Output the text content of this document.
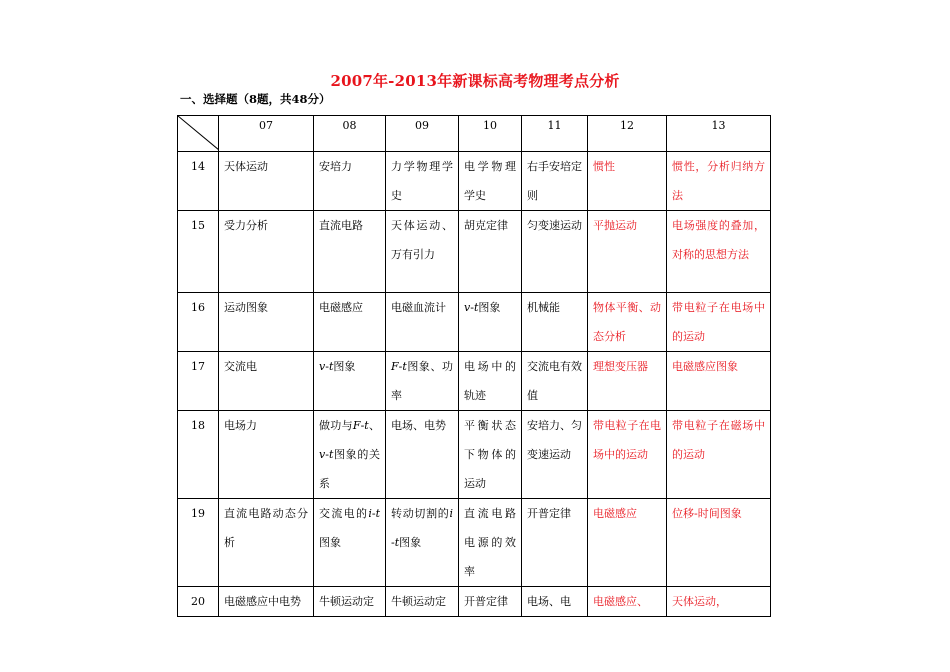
2007年-2013年新课标高考物理考点分析
一、选择题（8题，共48分）
	07	08	09	10	11	12	13
14	天体运动	安培力	力学物理学史	电学物理学史	右手安培定则	惯性	惯性，分析归纳方法
15	受力分析	直流电路	天体运动、万有引力	胡克定律	匀变速运动	平抛运动	电场强度的叠加，对称的思想方法
16	运动图象	电磁感应	电磁血流计	v-t图象	机械能	物体平衡、动态分析	带电粒子在电场中的运动
17	交流电	v-t图象	F-t图象、功率	电场中的轨迹	交流电有效值	理想变压器	电磁感应图象
18	电场力	做功与F-t、v-t图象的关系	电场、电势	平衡状态下物体的运动	安培力、匀变速运动	带电粒子在电场中的运动	带电粒子在磁场中的运动
19	直流电路动态分析	交流电的i-t图象	转动切割的i-t图象	直流电路电源的效率	开普定律	电磁感应	位移-时间图象
20	电磁感应中电势	牛顿运动定	牛顿运动定	开普定律	电场、电	电磁感应、	天体运动，
